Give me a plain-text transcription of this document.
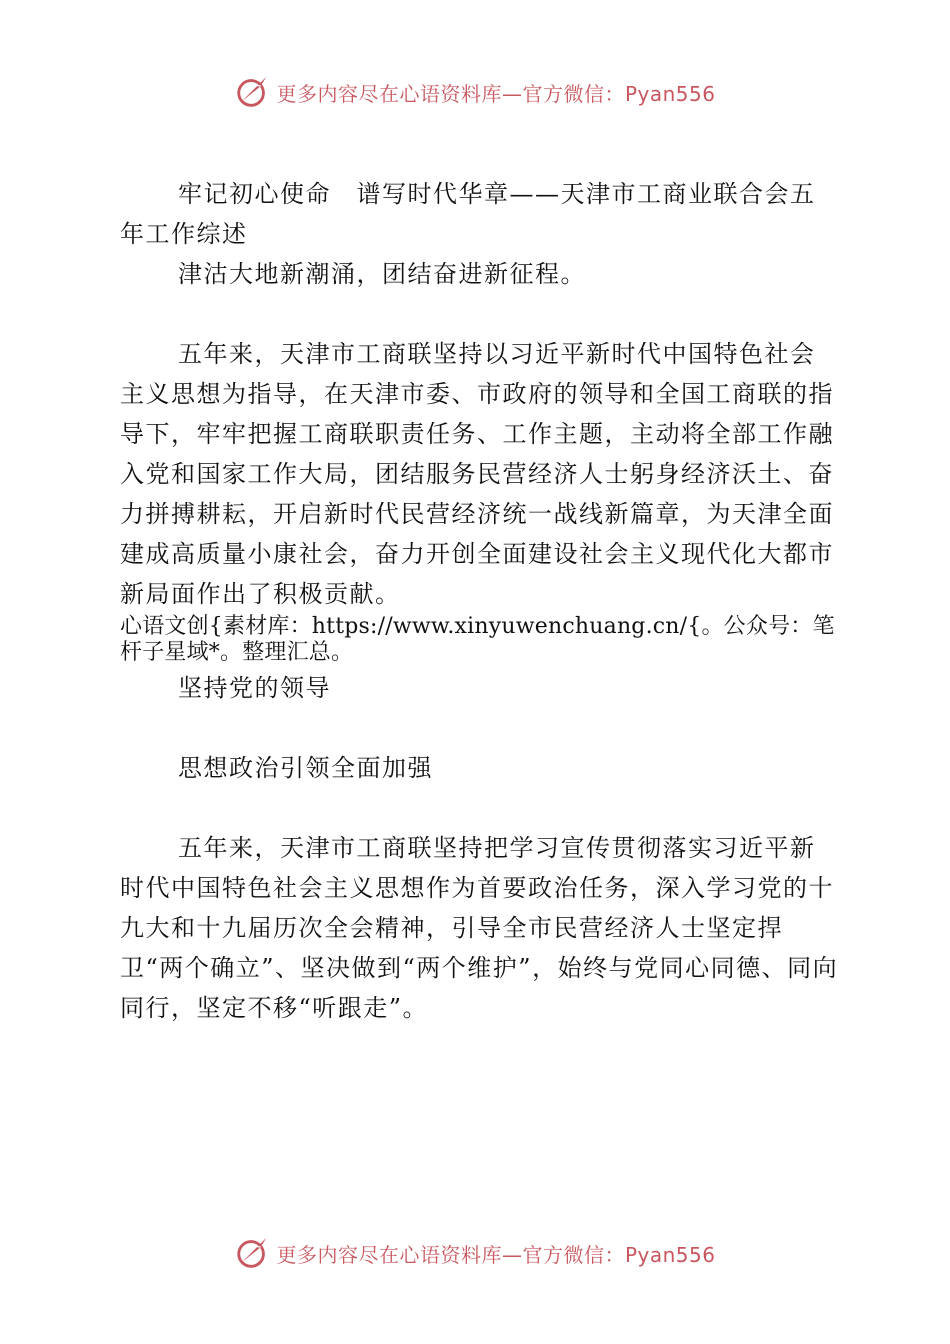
更多内容尽在心语资料库—官方微信：Pyan556

牢记初心使命　谱写时代华章——天津市工商业联合会五年工作综述

津沽大地新潮涌，团结奋进新征程。

五年来，天津市工商联坚持以习近平新时代中国特色社会主义思想为指导，在天津市委、市政府的领导和全国工商联的指导下，牢牢把握工商联职责任务、工作主题，主动将全部工作融入党和国家工作大局，团结服务民营经济人士躬身经济沃土、奋力拼搏耕耘，开启新时代民营经济统一战线新篇章，为天津全面建成高质量小康社会，奋力开创全面建设社会主义现代化大都市新局面作出了积极贡献。

心语文创{素材库：https://www.xinyuwenchuang.cn/{。公众号：笔杆子星域*。整理汇总。

坚持党的领导

思想政治引领全面加强

五年来，天津市工商联坚持把学习宣传贯彻落实习近平新时代中国特色社会主义思想作为首要政治任务，深入学习党的十九大和十九届历次全会精神，引导全市民营经济人士坚定捍卫“两个确立”、坚决做到“两个维护”，始终与党同心同德、同向同行，坚定不移“听跟走”。

更多内容尽在心语资料库—官方微信：Pyan556
